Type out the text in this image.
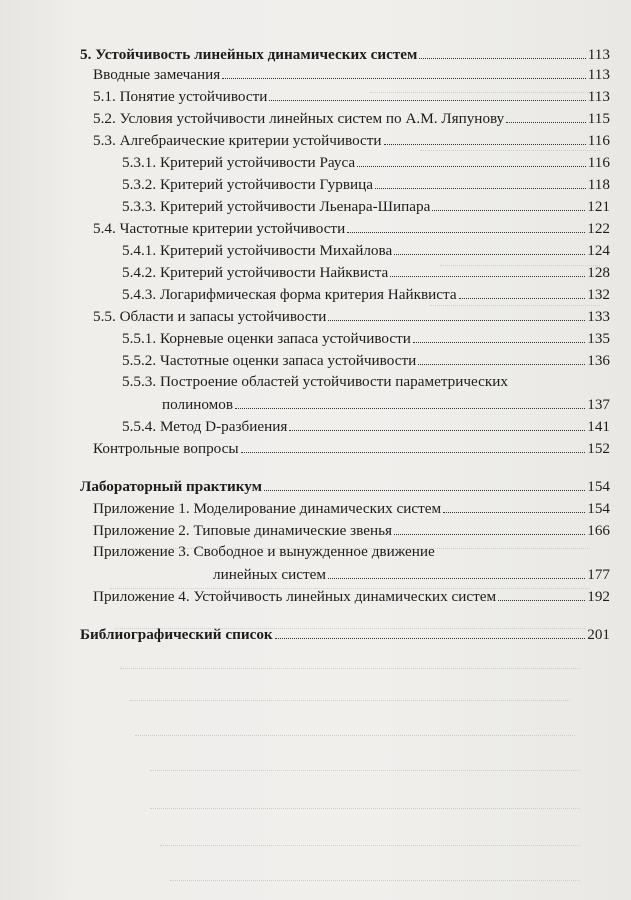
5. Устойчивость линейных динамических систем	113
Вводные замечания	113
5.1. Понятие устойчивости	113
5.2. Условия устойчивости линейных систем по А.М. Ляпунову	115
5.3. Алгебраические критерии устойчивости	116
5.3.1. Критерий устойчивости Рауса	116
5.3.2. Критерий устойчивости Гурвица	118
5.3.3. Критерий устойчивости Льенара-Шипара	121
5.4. Частотные критерии устойчивости	122
5.4.1. Критерий устойчивости Михайлова	124
5.4.2. Критерий устойчивости Найквиста	128
5.4.3. Логарифмическая форма критерия Найквиста	132
5.5. Области и запасы устойчивости	133
5.5.1. Корневые оценки запаса устойчивости	135
5.5.2. Частотные оценки запаса устойчивости	136
5.5.3. Построение областей устойчивости параметрических
полиномов	137
5.5.4. Метод D-разбиения	141
Контрольные вопросы	152
Лабораторный практикум	154
Приложение 1. Моделирование динамических систем	154
Приложение 2. Типовые динамические звенья	166
Приложение 3. Свободное и вынужденное движение
линейных систем	177
Приложение 4. Устойчивость линейных динамических систем	192
Библиографический список	201
